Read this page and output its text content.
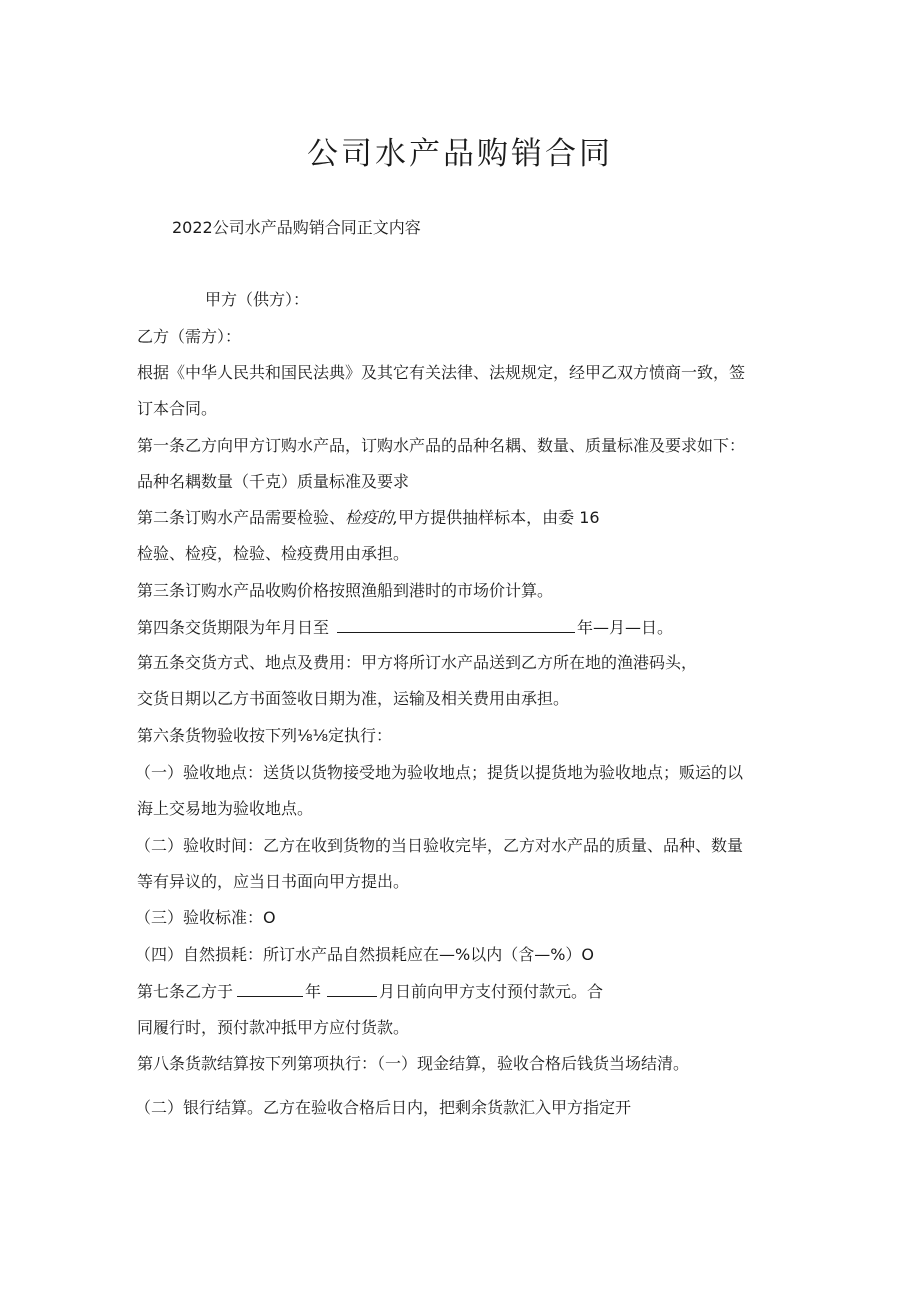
公司水产品购销合同

2022公司水产品购销合同正文内容

甲方（供方）：

乙方（需方）：

根据《中华人民共和国民法典》及其它有关法律、法规规定，经甲乙双方愤商一致，签

订本合同。

第一条乙方向甲方订购水产品，订购水产品的品种名耦、数量、质量标准及要求如下：

品种名耦数量（千克）质量标准及要求

第二条订购水产品需要检验、检疫的,甲方提供抽样标本，由委 16

检验、检疫，检验、检疫费用由承担。

第三条订购水产品收购价格按照渔船到港时的市场价计算。

第四条交货期限为年月日至	年—月—日。

第五条交货方式、地点及费用：甲方将所订水产品送到乙方所在地的渔港码头，

交货日期以乙方书面签收日期为准，运输及相关费用由承担。

第六条货物验收按下列⅛⅛定执行：

（一）验收地点：送货以货物接受地为验收地点；提货以提货地为验收地点；贩运的以

海上交易地为验收地点。

（二）验收时间：乙方在收到货物的当日验收完毕，乙方对水产品的质量、品种、数量

等有异议的，应当日书面向甲方提出。

（三）验收标准：O

（四）自然损耗：所订水产品自然损耗应在—%以内（含—%）O

第七条乙方于	年	月日前向甲方支付预付款元。合

同履行时，预付款冲抵甲方应付货款。

第八条货款结算按下列第项执行：（一）现金结算，验收合格后钱货当场结清。

（二）银行结算。乙方在验收合格后日内，把剩余货款汇入甲方指定开
